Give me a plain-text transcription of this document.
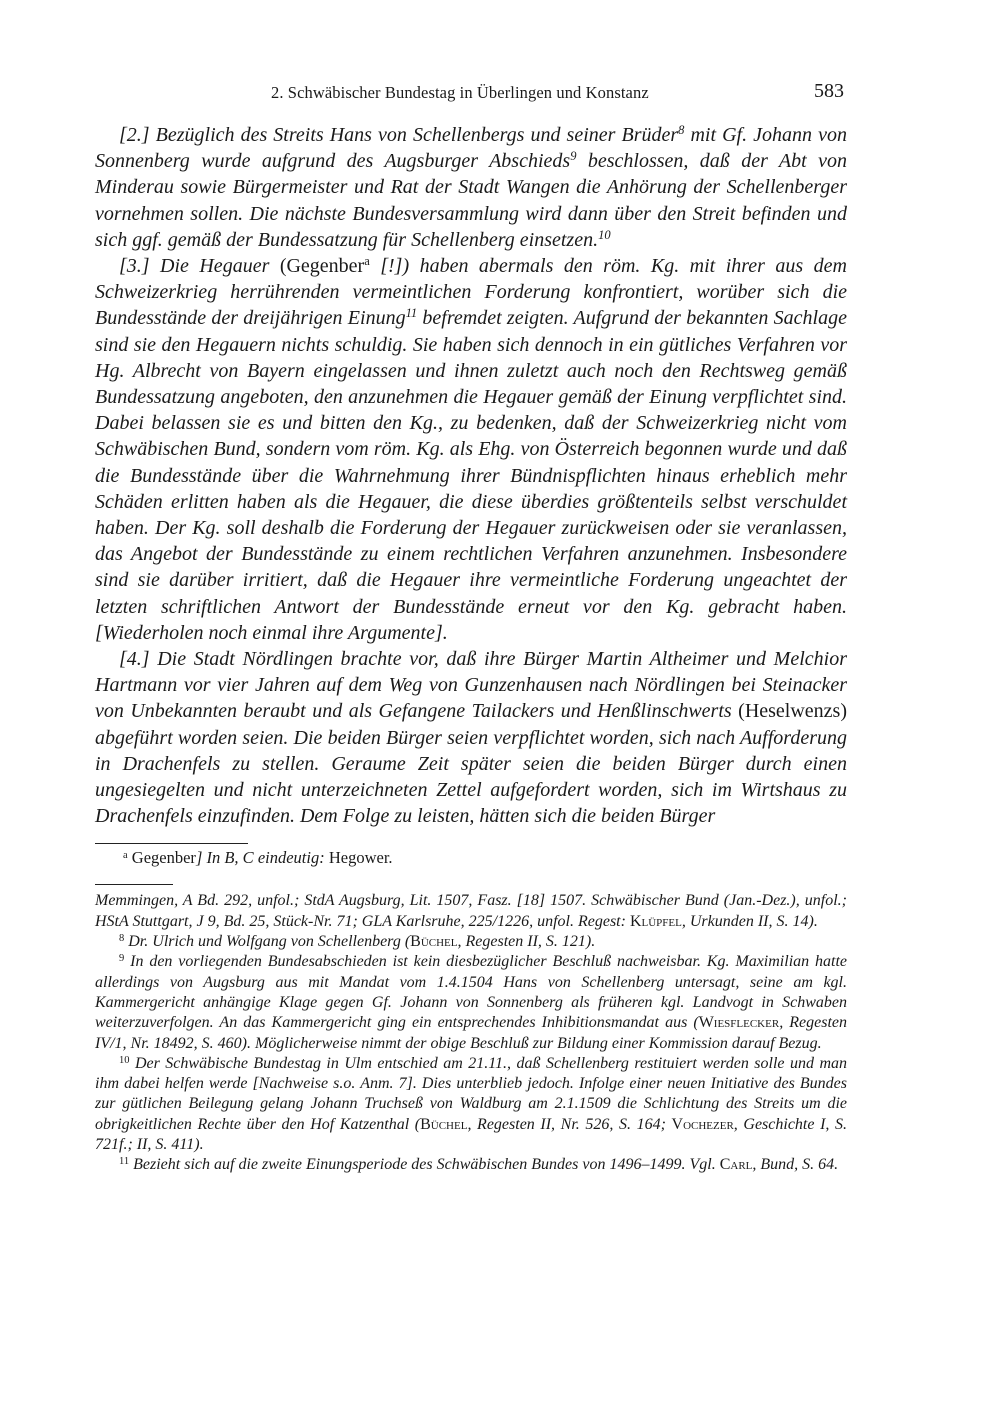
2. Schwäbischer Bundestag in Überlingen und Konstanz	583

[2.] Bezüglich des Streits Hans von Schellenbergs und seiner Brüder$^8$ mit Gf. Johann von Sonnenberg wurde aufgrund des Augsburger Abschieds$^9$ beschlossen, daß der Abt von Minderau sowie Bürgermeister und Rat der Stadt Wangen die Anhörung der Schellenberger vornehmen sollen. Die nächste Bundesversammlung wird dann über den Streit befinden und sich ggf. gemäß der Bundessatzung für Schellenberg einsetzen.$^{10}$

[3.] Die Hegauer (Gegenber$^a$ [!]) haben abermals den röm. Kg. mit ihrer aus dem Schweizerkrieg herrührenden vermeintlichen Forderung konfrontiert, worüber sich die Bundesstände der dreijährigen Einung$^{11}$ befremdet zeigten. Aufgrund der bekannten Sachlage sind sie den Hegauern nichts schuldig. Sie haben sich dennoch in ein gütliches Verfahren vor Hg. Albrecht von Bayern eingelassen und ihnen zuletzt auch noch den Rechtsweg gemäß Bundessatzung angeboten, den anzunehmen die Hegauer gemäß der Einung verpflichtet sind. Dabei belassen sie es und bitten den Kg., zu bedenken, daß der Schweizerkrieg nicht vom Schwäbischen Bund, sondern vom röm. Kg. als Ehg. von Österreich begonnen wurde und daß die Bundesstände über die Wahrnehmung ihrer Bündnispflichten hinaus erheblich mehr Schäden erlitten haben als die Hegauer, die diese überdies größtenteils selbst verschuldet haben. Der Kg. soll deshalb die Forderung der Hegauer zurückweisen oder sie veranlassen, das Angebot der Bundesstände zu einem rechtlichen Verfahren anzunehmen. Insbesondere sind sie darüber irritiert, daß die Hegauer ihre vermeintliche Forderung ungeachtet der letzten schriftlichen Antwort der Bundesstände erneut vor den Kg. gebracht haben. [Wiederholen noch einmal ihre Argumente].

[4.] Die Stadt Nördlingen brachte vor, daß ihre Bürger Martin Altheimer und Melchior Hartmann vor vier Jahren auf dem Weg von Gunzenhausen nach Nördlingen bei Steinacker von Unbekannten beraubt und als Gefangene Tailackers und Henßlinschwerts (Heselwenzs) abgeführt worden seien. Die beiden Bürger seien verpflichtet worden, sich nach Aufforderung in Drachenfels zu stellen. Geraume Zeit später seien die beiden Bürger durch einen ungesiegelten und nicht unterzeichneten Zettel aufgefordert worden, sich im Wirtshaus zu Drachenfels einzufinden. Dem Folge zu leisten, hätten sich die beiden Bürger

$^a$ Gegenber] In B, C eindeutig: Hegower.

Memmingen, A Bd. 292, unfol.; StdA Augsburg, Lit. 1507, Fasz. [18] 1507. Schwäbischer Bund (Jan.-Dez.), unfol.; HStA Stuttgart, J 9, Bd. 25, Stück-Nr. 71; GLA Karlsruhe, 225/1226, unfol. Regest: Klüpfel, Urkunden II, S. 14).

$^8$ Dr. Ulrich und Wolfgang von Schellenberg (Büchel, Regesten II, S. 121).

$^9$ In den vorliegenden Bundesabschieden ist kein diesbezüglicher Beschluß nachweisbar. Kg. Maximilian hatte allerdings von Augsburg aus mit Mandat vom 1.4.1504 Hans von Schellenberg untersagt, seine am kgl. Kammergericht anhängige Klage gegen Gf. Johann von Sonnenberg als früheren kgl. Landvogt in Schwaben weiterzuverfolgen. An das Kammergericht ging ein entsprechendes Inhibitionsmandat aus (Wiesflecker, Regesten IV/1, Nr. 18492, S. 460). Möglicherweise nimmt der obige Beschluß zur Bildung einer Kommission darauf Bezug.

$^{10}$ Der Schwäbische Bundestag in Ulm entschied am 21.11., daß Schellenberg restituiert werden solle und man ihm dabei helfen werde [Nachweise s.o. Anm. 7]. Dies unterblieb jedoch. Infolge einer neuen Initiative des Bundes zur gütlichen Beilegung gelang Johann Truchseß von Waldburg am 2.1.1509 die Schlichtung des Streits um die obrigkeitlichen Rechte über den Hof Katzenthal (Büchel, Regesten II, Nr. 526, S. 164; Vochezer, Geschichte I, S. 721f.; II, S. 411).

$^{11}$ Bezieht sich auf die zweite Einungsperiode des Schwäbischen Bundes von 1496–1499. Vgl. Carl, Bund, S. 64.
